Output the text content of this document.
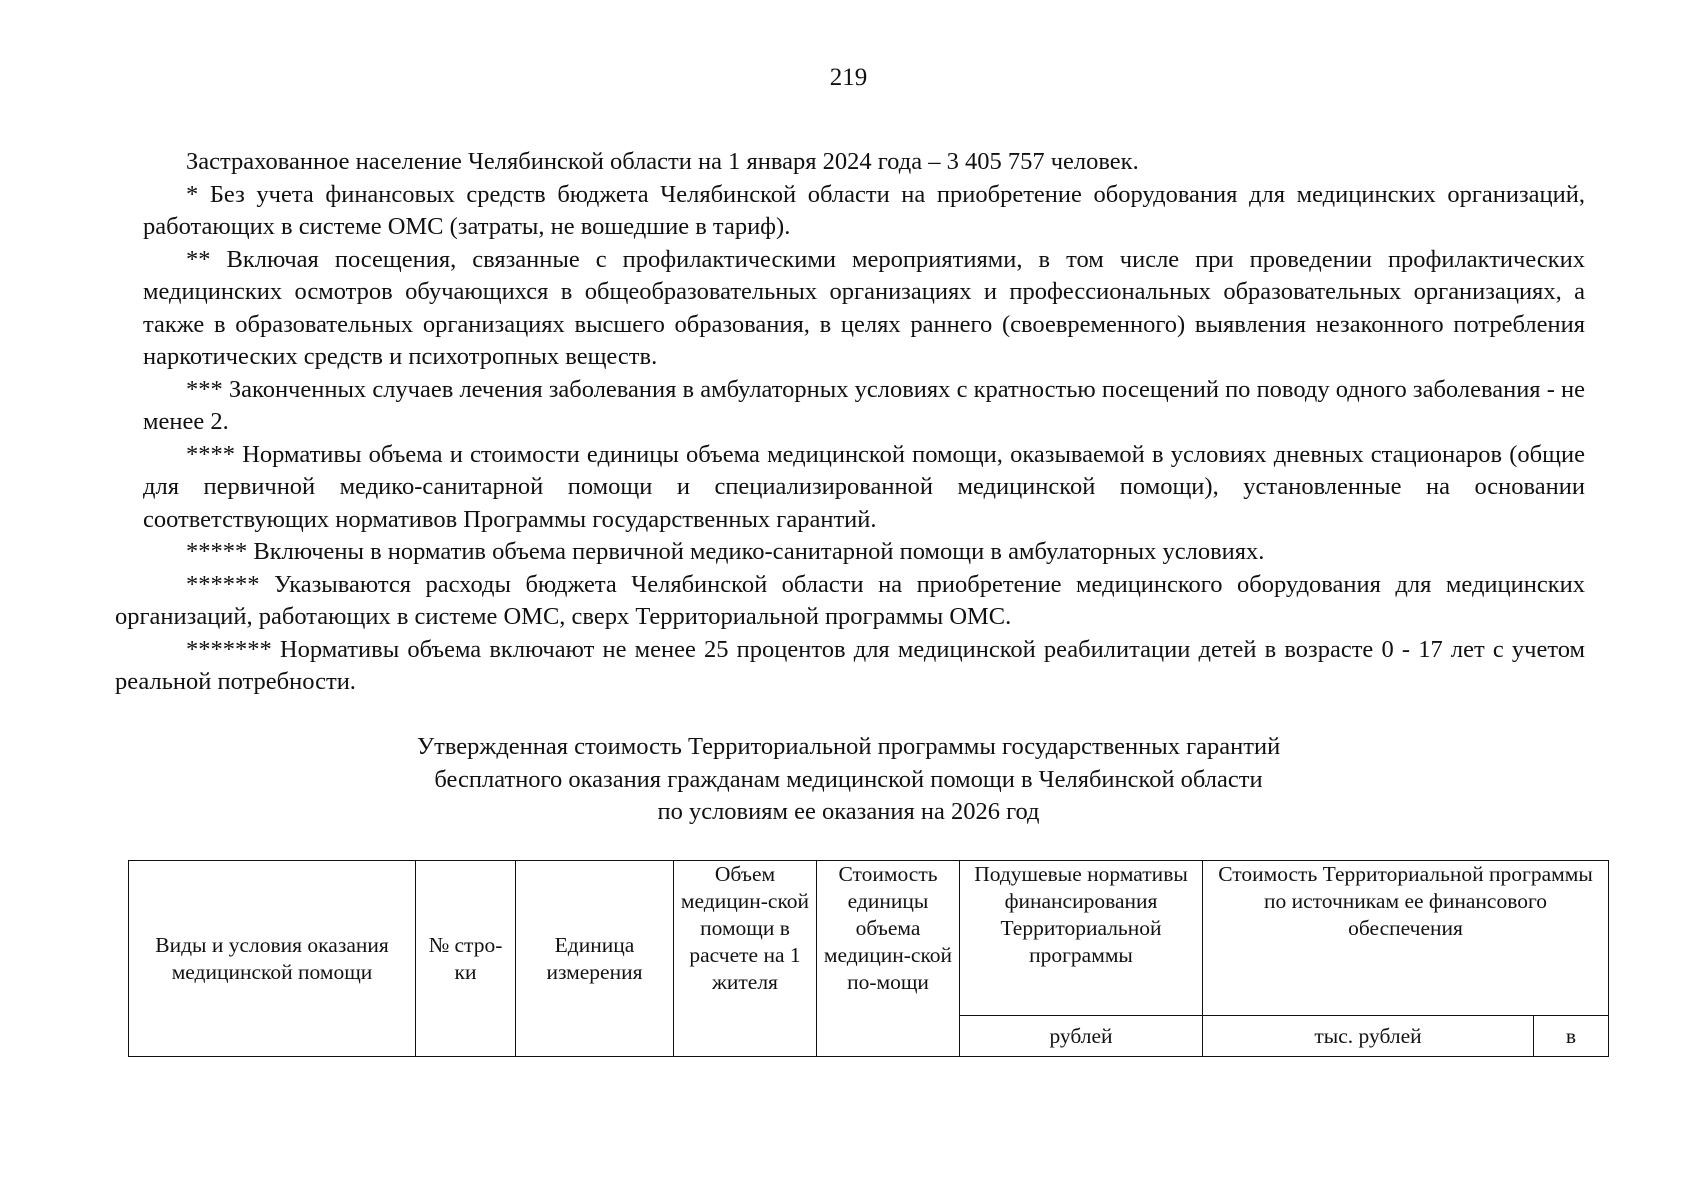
219

Застрахованное население Челябинской области на 1 января 2024 года – 3 405 757 человек.

* Без учета финансовых средств бюджета Челябинской области на приобретение оборудования для медицинских организаций, работающих в системе ОМС (затраты, не вошедшие в тариф).

** Включая посещения, связанные с профилактическими мероприятиями, в том числе при проведении профилактических медицинских осмотров обучающихся в общеобразовательных организациях и профессиональных образовательных организациях, а также в образовательных организациях высшего образования, в целях раннего (своевременного) выявления незаконного потребления наркотических средств и психотропных веществ.

*** Законченных случаев лечения заболевания в амбулаторных условиях с кратностью посещений по поводу одного заболевания - не менее 2.

**** Нормативы объема и стоимости единицы объема медицинской помощи, оказываемой в условиях дневных стационаров (общие для первичной медико-санитарной помощи и специализированной медицинской помощи), установленные на основании соответствующих нормативов Программы государственных гарантий.

***** Включены в норматив объема первичной медико-санитарной помощи в амбулаторных условиях.

****** Указываются расходы бюджета Челябинской области на приобретение медицинского оборудования для медицинских организаций, работающих в системе ОМС, сверх Территориальной программы ОМС.

******* Нормативы объема включают не менее 25 процентов для медицинской реабилитации детей в возрасте 0 - 17 лет с учетом реальной потребности.

Утвержденная стоимость Территориальной программы государственных гарантий
бесплатного оказания гражданам медицинской помощи в Челябинской области
по условиям ее оказания на 2026 год
Виды и условия оказания медицинской помощи	№ стро-ки	Единица измерения	Объем медицин-ской помощи в расчете на 1 жителя	Стоимость единицы объема медицин-ской по-мощи	Подушевые нормативы финансирования Территориальной программы	Стоимость Территориальной программы по источникам ее финансового обеспечения	
					рублей	тыс. рублей	в
